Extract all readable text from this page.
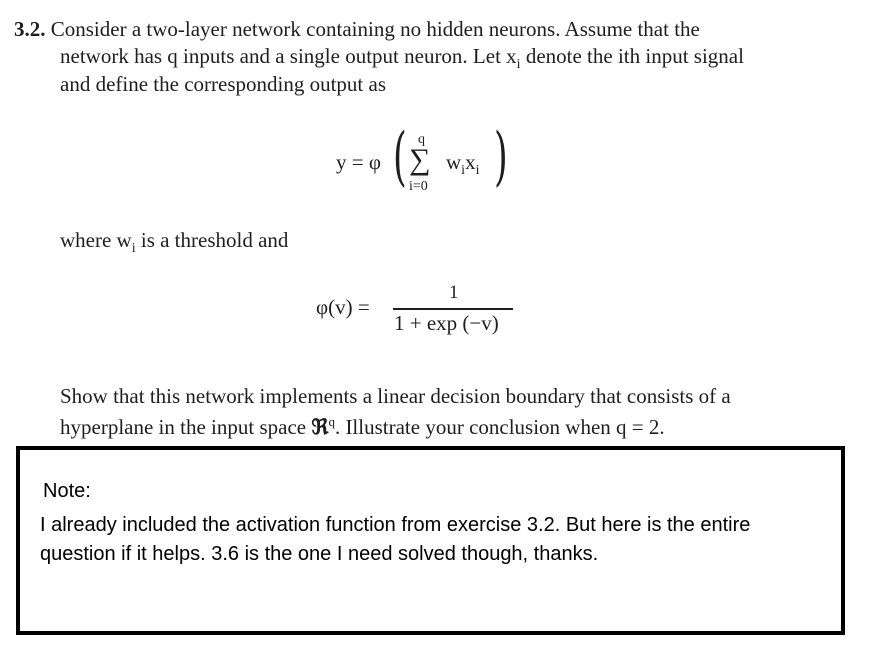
3.2. Consider a two-layer network containing no hidden neurons. Assume that the
network has q inputs and a single output neuron. Let $x_i$ denote the ith input signal
and define the corresponding output as
y = φ ( q
∑
i=0
$w_ix_i$ )
where $w_i$ is a threshold and
φ(v) =
1
1 + exp (−v)
Show that this network implements a linear decision boundary that consists of a
hyperplane in the input space ℜ$^q$. Illustrate your conclusion when q = 2.
Note:
I already included the activation function from exercise 3.2. But here is the entire question if it helps. 3.6 is the one I need solved though, thanks.
